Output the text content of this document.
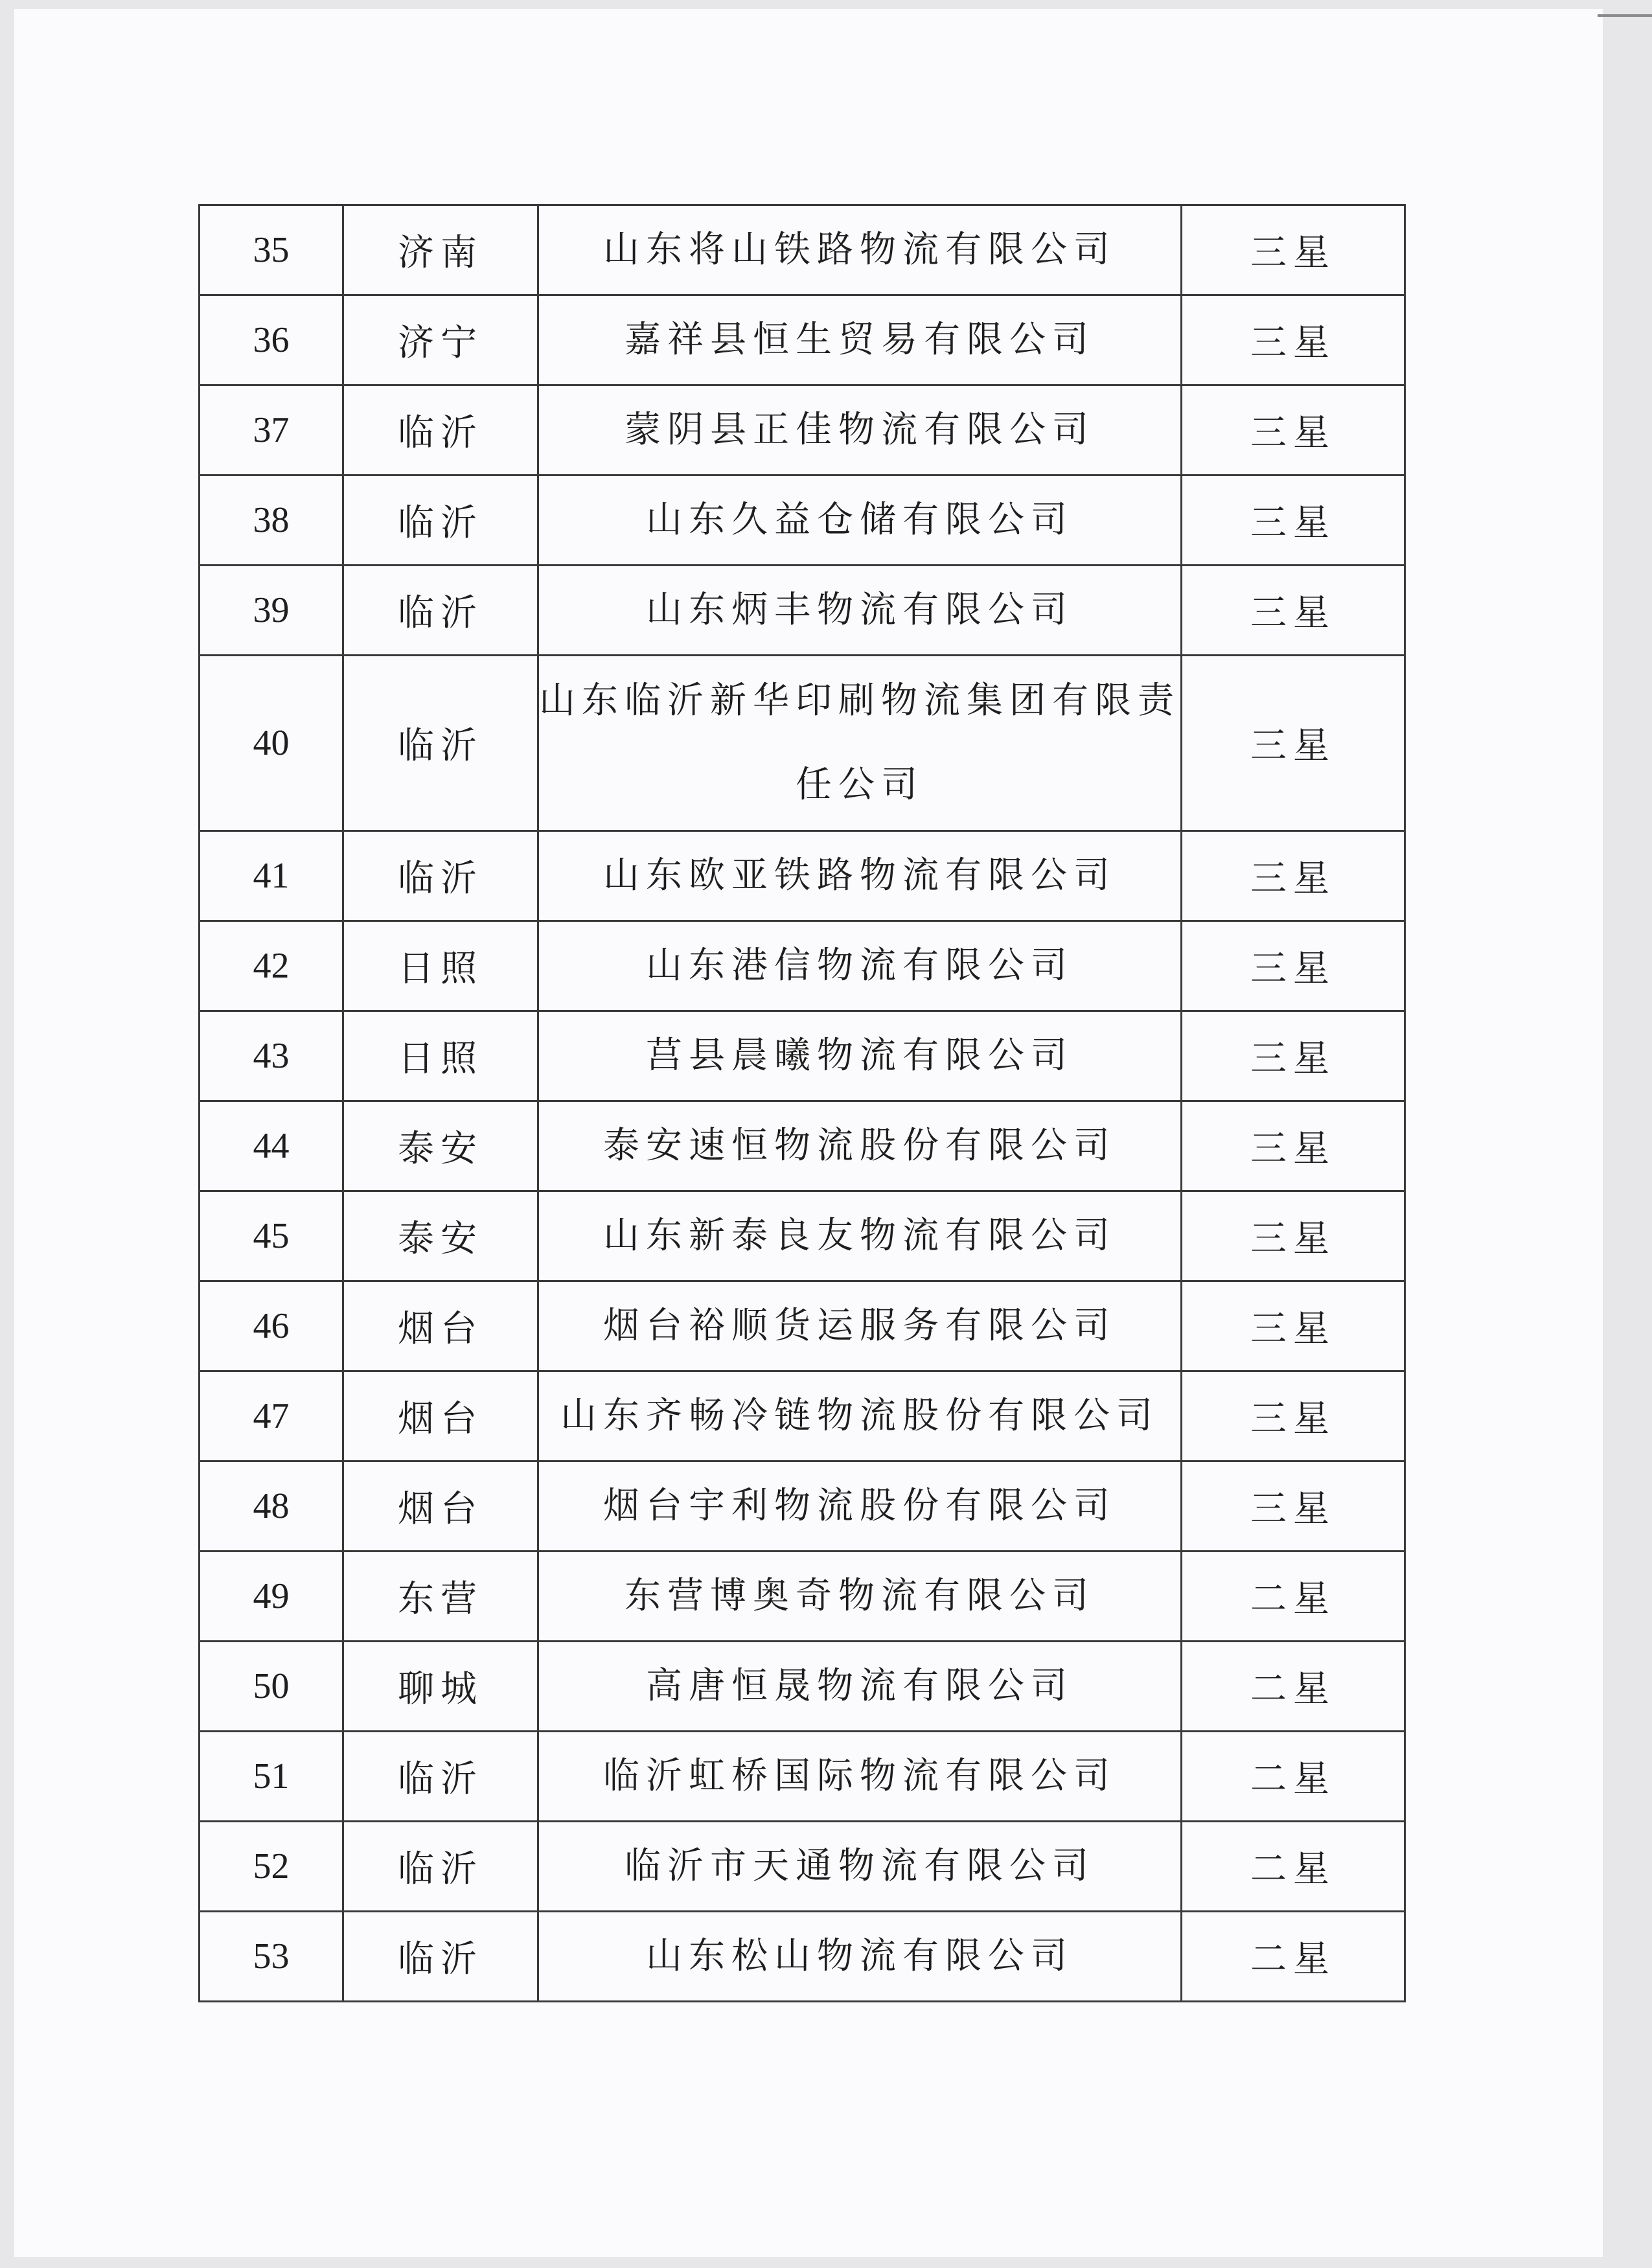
35	济南	山东将山铁路物流有限公司	三星
36	济宁	嘉祥县恒生贸易有限公司	三星
37	临沂	蒙阴县正佳物流有限公司	三星
38	临沂	山东久益仓储有限公司	三星
39	临沂	山东炳丰物流有限公司	三星
40	临沂	山东临沂新华印刷物流集团有限责任公司	三星
41	临沂	山东欧亚铁路物流有限公司	三星
42	日照	山东港信物流有限公司	三星
43	日照	莒县晨曦物流有限公司	三星
44	泰安	泰安速恒物流股份有限公司	三星
45	泰安	山东新泰良友物流有限公司	三星
46	烟台	烟台裕顺货运服务有限公司	三星
47	烟台	山东齐畅冷链物流股份有限公司	三星
48	烟台	烟台宇利物流股份有限公司	三星
49	东营	东营博奥奇物流有限公司	二星
50	聊城	高唐恒晟物流有限公司	二星
51	临沂	临沂虹桥国际物流有限公司	二星
52	临沂	临沂市天通物流有限公司	二星
53	临沂	山东松山物流有限公司	二星
